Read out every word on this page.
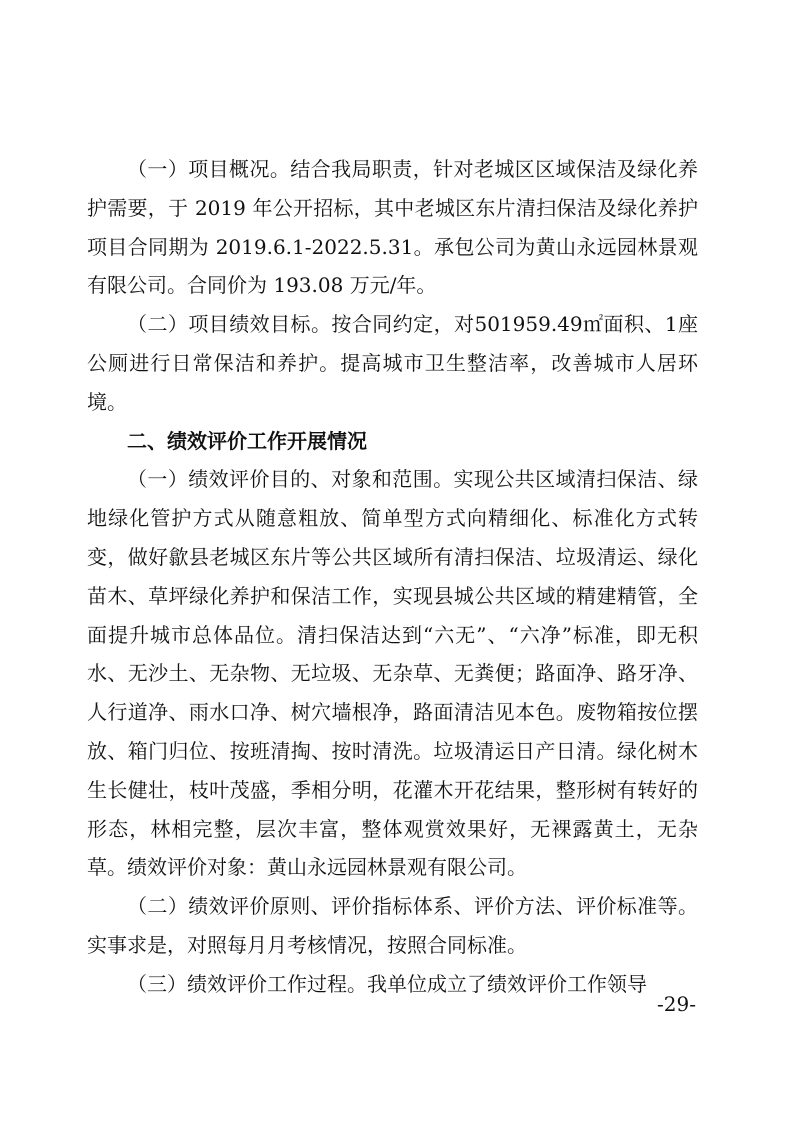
（一）项目概况。结合我局职责，针对老城区区域保洁及绿化养护需要，于 2019 年公开招标，其中老城区东片清扫保洁及绿化养护项目合同期为 2019.6.1-2022.5.31。承包公司为黄山永远园林景观有限公司。合同价为 193.08 万元/年。

（二）项目绩效目标。按合同约定，对501959.49㎡面积、1座公厕进行日常保洁和养护。提高城市卫生整洁率，改善城市人居环境。

二、绩效评价工作开展情况

（一）绩效评价目的、对象和范围。实现公共区域清扫保洁、绿地绿化管护方式从随意粗放、简单型方式向精细化、标准化方式转变，做好歙县老城区东片等公共区域所有清扫保洁、垃圾清运、绿化苗木、草坪绿化养护和保洁工作，实现县城公共区域的精建精管，全面提升城市总体品位。清扫保洁达到“六无”、“六净”标准，即无积水、无沙土、无杂物、无垃圾、无杂草、无粪便；路面净、路牙净、人行道净、雨水口净、树穴墙根净，路面清洁见本色。废物箱按位摆放、箱门归位、按班清掏、按时清洗。垃圾清运日产日清。绿化树木生长健壮，枝叶茂盛，季相分明，花灌木开花结果，整形树有转好的形态，林相完整，层次丰富，整体观赏效果好，无裸露黄土，无杂草。绩效评价对象：黄山永远园林景观有限公司。

（二）绩效评价原则、评价指标体系、评价方法、评价标准等。实事求是，对照每月月考核情况，按照合同标准。

（三）绩效评价工作过程。我单位成立了绩效评价工作领导

-29-
